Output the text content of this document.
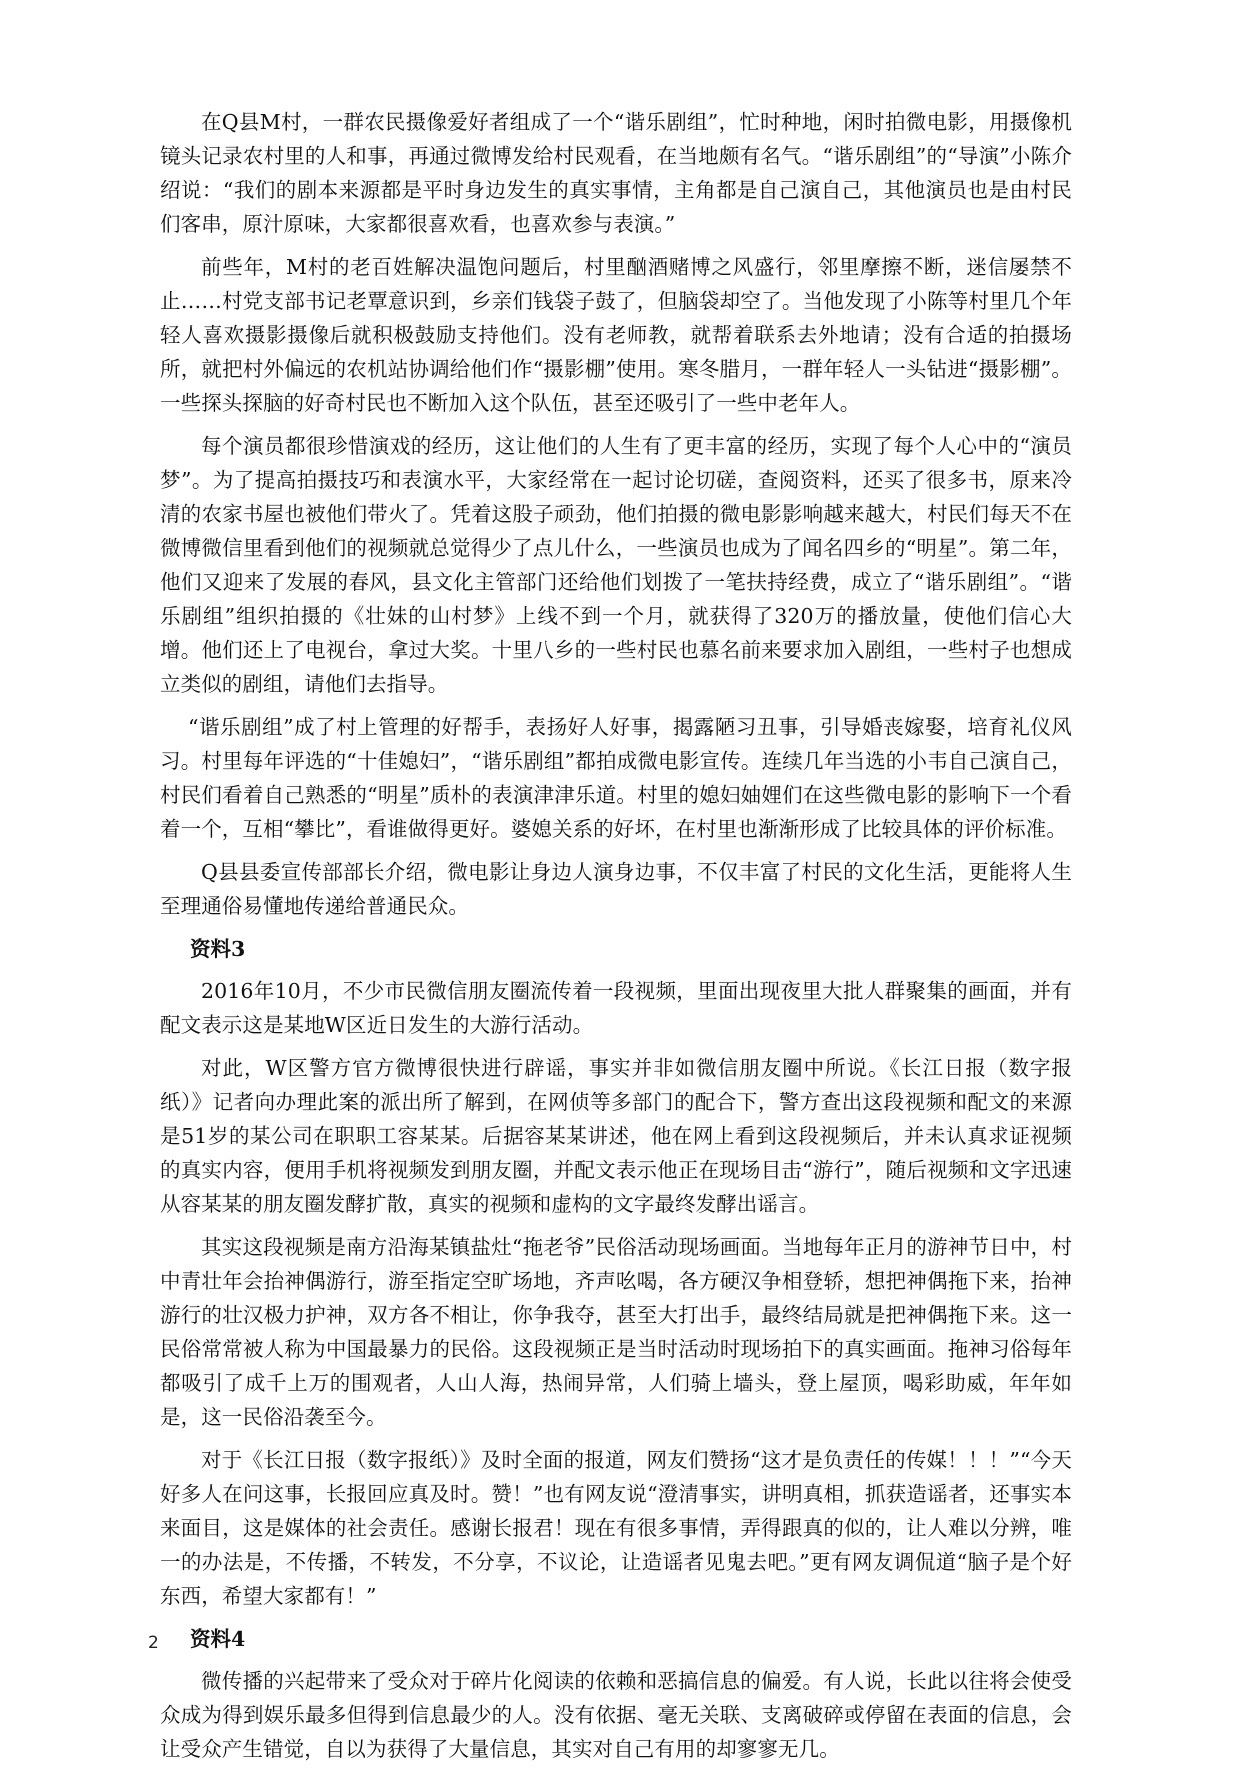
在Q县M村，一群农民摄像爱好者组成了一个“谐乐剧组”，忙时种地，闲时拍微电影，用摄像机镜头记录农村里的人和事，再通过微博发给村民观看，在当地颇有名气。“谐乐剧组”的“导演”小陈介绍说：“我们的剧本来源都是平时身边发生的真实事情，主角都是自己演自己，其他演员也是由村民们客串，原汁原味，大家都很喜欢看，也喜欢参与表演。”

前些年，M村的老百姓解决温饱问题后，村里酗酒赌博之风盛行，邻里摩擦不断，迷信屡禁不止……村党支部书记老覃意识到，乡亲们钱袋子鼓了，但脑袋却空了。当他发现了小陈等村里几个年轻人喜欢摄影摄像后就积极鼓励支持他们。没有老师教，就帮着联系去外地请；没有合适的拍摄场所，就把村外偏远的农机站协调给他们作“摄影棚”使用。寒冬腊月，一群年轻人一头钻进“摄影棚”。一些探头探脑的好奇村民也不断加入这个队伍，甚至还吸引了一些中老年人。

每个演员都很珍惜演戏的经历，这让他们的人生有了更丰富的经历，实现了每个人心中的“演员梦”。为了提高拍摄技巧和表演水平，大家经常在一起讨论切磋，查阅资料，还买了很多书，原来冷清的农家书屋也被他们带火了。凭着这股子顽劲，他们拍摄的微电影影响越来越大，村民们每天不在微博微信里看到他们的视频就总觉得少了点儿什么，一些演员也成为了闻名四乡的“明星”。第二年，他们又迎来了发展的春风，县文化主管部门还给他们划拨了一笔扶持经费，成立了“谐乐剧组”。“谐乐剧组”组织拍摄的《壮妹的山村梦》上线不到一个月，就获得了320万的播放量，使他们信心大增。他们还上了电视台，拿过大奖。十里八乡的一些村民也慕名前来要求加入剧组，一些村子也想成立类似的剧组，请他们去指导。

“谐乐剧组”成了村上管理的好帮手，表扬好人好事，揭露陋习丑事，引导婚丧嫁娶，培育礼仪风习。村里每年评选的“十佳媳妇”，“谐乐剧组”都拍成微电影宣传。连续几年当选的小韦自己演自己，村民们看着自己熟悉的“明星”质朴的表演津津乐道。村里的媳妇妯娌们在这些微电影的影响下一个看着一个，互相“攀比”，看谁做得更好。婆媳关系的好坏，在村里也渐渐形成了比较具体的评价标准。

Q县县委宣传部部长介绍，微电影让身边人演身边事，不仅丰富了村民的文化生活，更能将人生至理通俗易懂地传递给普通民众。

资料3

2016年10月，不少市民微信朋友圈流传着一段视频，里面出现夜里大批人群聚集的画面，并有配文表示这是某地W区近日发生的大游行活动。

对此，W区警方官方微博很快进行辟谣，事实并非如微信朋友圈中所说。《长江日报（数字报纸）》记者向办理此案的派出所了解到，在网侦等多部门的配合下，警方查出这段视频和配文的来源是51岁的某公司在职职工容某某。后据容某某讲述，他在网上看到这段视频后，并未认真求证视频的真实内容，便用手机将视频发到朋友圈，并配文表示他正在现场目击“游行”，随后视频和文字迅速从容某某的朋友圈发酵扩散，真实的视频和虚构的文字最终发酵出谣言。

其实这段视频是南方沿海某镇盐灶“拖老爷”民俗活动现场画面。当地每年正月的游神节日中，村中青壮年会抬神偶游行，游至指定空旷场地，齐声吆喝，各方硬汉争相登轿，想把神偶拖下来，抬神游行的壮汉极力护神，双方各不相让，你争我夺，甚至大打出手，最终结局就是把神偶拖下来。这一民俗常常被人称为中国最暴力的民俗。这段视频正是当时活动时现场拍下的真实画面。拖神习俗每年都吸引了成千上万的围观者，人山人海，热闹异常，人们骑上墙头，登上屋顶，喝彩助威，年年如是，这一民俗沿袭至今。

对于《长江日报（数字报纸）》及时全面的报道，网友们赞扬“这才是负责任的传媒！！！”“今天好多人在问这事，长报回应真及时。赞！”也有网友说“澄清事实，讲明真相，抓获造谣者，还事实本来面目，这是媒体的社会责任。感谢长报君！现在有很多事情，弄得跟真的似的，让人难以分辨，唯一的办法是，不传播，不转发，不分享，不议论，让造谣者见鬼去吧。”更有网友调侃道“脑子是个好东西，希望大家都有！”

资料4

微传播的兴起带来了受众对于碎片化阅读的依赖和恶搞信息的偏爱。有人说，长此以往将会使受众成为得到娱乐最多但得到信息最少的人。没有依据、毫无关联、支离破碎或停留在表面的信息，会让受众产生错觉，自以为获得了大量信息，其实对自己有用的却寥寥无几。

2
